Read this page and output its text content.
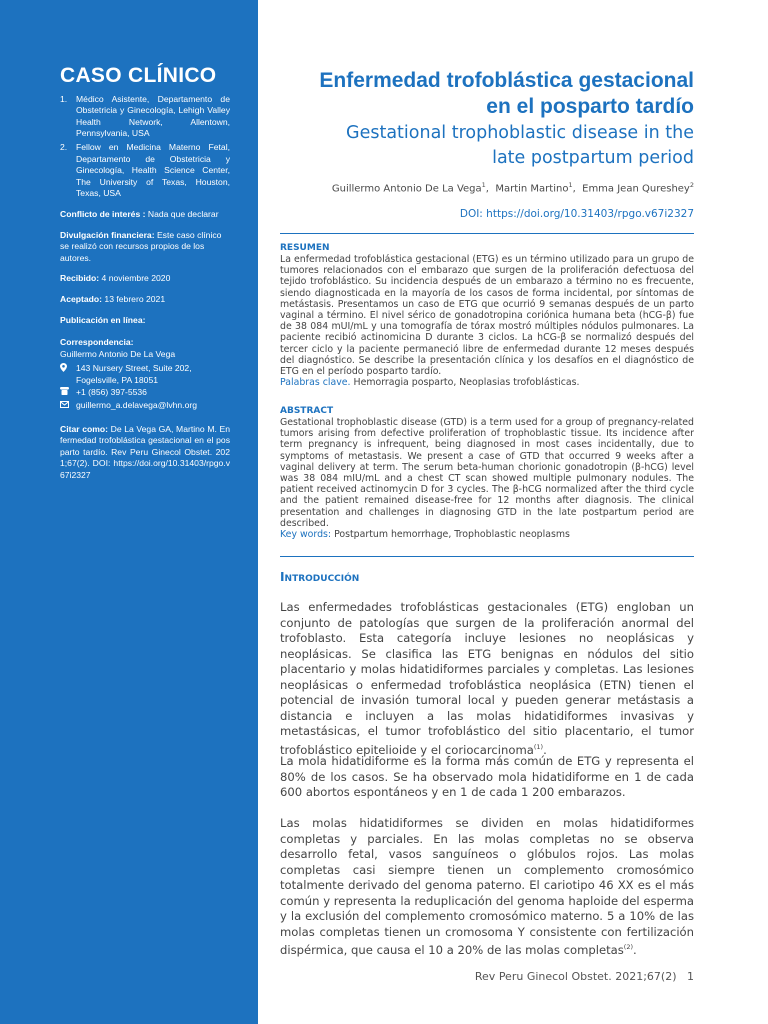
CASO CLÍNICO
1.	Médico Asistente, Departamento de Obstetricia y Ginecología, Lehigh Valley Health Network, Allentown, Pennsylvania, USA
2.	Fellow en Medicina Materno Fetal, Departamento de Obstetricia y Ginecología, Health Science Center, The University of Texas, Houston, Texas, USA
Conflicto de interés : Nada que declarar
Divulgación financiera: Este caso clínico se realizó con recursos propios de los autores.
Recibido: 4 noviembre 2020
Aceptado: 13 febrero 2021
Publicación en línea:
Correspondencia:
Guillermo Antonio De La Vega
143 Nursery Street, Suite 202,
Fogelsville, PA 18051
+1 (856) 397-5536
guillermo_a.delavega@lvhn.org
Citar como: De La Vega GA, Martino M. Enfermedad trofoblástica gestacional en el posparto tardío. Rev Peru Ginecol Obstet. 2021;67(2). DOI: https://doi.org/10.31403/rpgo.v67i2327
Enfermedad trofoblástica gestacional
en el posparto tardío
Gestational trophoblastic disease in the
late postpartum period
Guillermo Antonio De La Vega$^1$,  Martin Martino$^1$,  Emma Jean Qureshey$^2$
DOI: https://doi.org/10.31403/rpgo.v67i2327
RESUMEN
La enfermedad trofoblástica gestacional (ETG) es un término utilizado para un grupo de tumores relacionados con el embarazo que surgen de la proliferación defectuosa del tejido trofoblástico. Su incidencia después de un embarazo a término no es frecuente, siendo diagnosticada en la mayoría de los casos de forma incidental, por síntomas de metástasis. Presentamos un caso de ETG que ocurrió 9 semanas después de un parto vaginal a término. El nivel sérico de gonadotropina coriónica humana beta (hCG-β) fue de 38 084 mUI/mL y una tomografía de tórax mostró múltiples nódulos pulmonares. La paciente recibió actinomicina D durante 3 ciclos. La hCG-β se normalizó después del tercer ciclo y la paciente permaneció libre de enfermedad durante 12 meses después del diagnóstico. Se describe la presentación clínica y los desafíos en el diagnóstico de ETG en el período posparto tardío.
Palabras clave. Hemorragia posparto, Neoplasias trofoblásticas.
ABSTRACT
Gestational trophoblastic disease (GTD) is a term used for a group of pregnancy-related tumors arising from defective proliferation of trophoblastic tissue. Its incidence after term pregnancy is infrequent, being diagnosed in most cases incidentally, due to symptoms of metastasis. We present a case of GTD that occurred 9 weeks after a vaginal delivery at term. The serum beta-human chorionic gonadotropin (β-hCG) level was 38 084 mIU/mL and a chest CT scan showed multiple pulmonary nodules. The patient received actinomycin D for 3 cycles. The β-hCG normalized after the third cycle and the patient remained disease-free for 12 months after diagnosis. The clinical presentation and challenges in diagnosing GTD in the late postpartum period are described.
Key words: Postpartum hemorrhage, Trophoblastic neoplasms
Introducción
Las enfermedades trofoblásticas gestacionales (ETG) engloban un conjunto de patologías que surgen de la proliferación anormal del trofoblasto. Esta categoría incluye lesiones no neoplásicas y neoplásicas. Se clasifica las ETG benignas en nódulos del sitio placentario y molas hidatidiformes parciales y completas. Las lesiones neoplásicas o enfermedad trofoblástica neoplásica (ETN) tienen el potencial de invasión tumoral local y pueden generar metástasis a distancia e incluyen a las molas hidatidiformes invasivas y metastásicas, el tumor trofoblástico del sitio placentario, el tumor trofoblástico epitelioide y el coriocarcinoma$^{(1)}$.
La mola hidatidiforme es la forma más común de ETG y representa el 80% de los casos. Se ha observado mola hidatidiforme en 1 de cada 600 abortos espontáneos y en 1 de cada 1 200 embarazos.
Las molas hidatidiformes se dividen en molas hidatidiformes completas y parciales. En las molas completas no se observa desarrollo fetal, vasos sanguíneos o glóbulos rojos. Las molas completas casi siempre tienen un complemento cromosómico totalmente derivado del genoma paterno. El cariotipo 46 XX es el más común y representa la reduplicación del genoma haploide del esperma y la exclusión del complemento cromosómico materno. 5 a 10% de las molas completas tienen un cromosoma Y consistente con fertilización dispérmica, que causa el 10 a 20% de las molas completas$^{(2)}$.
Rev Peru Ginecol Obstet. 2021;67(2) 1
